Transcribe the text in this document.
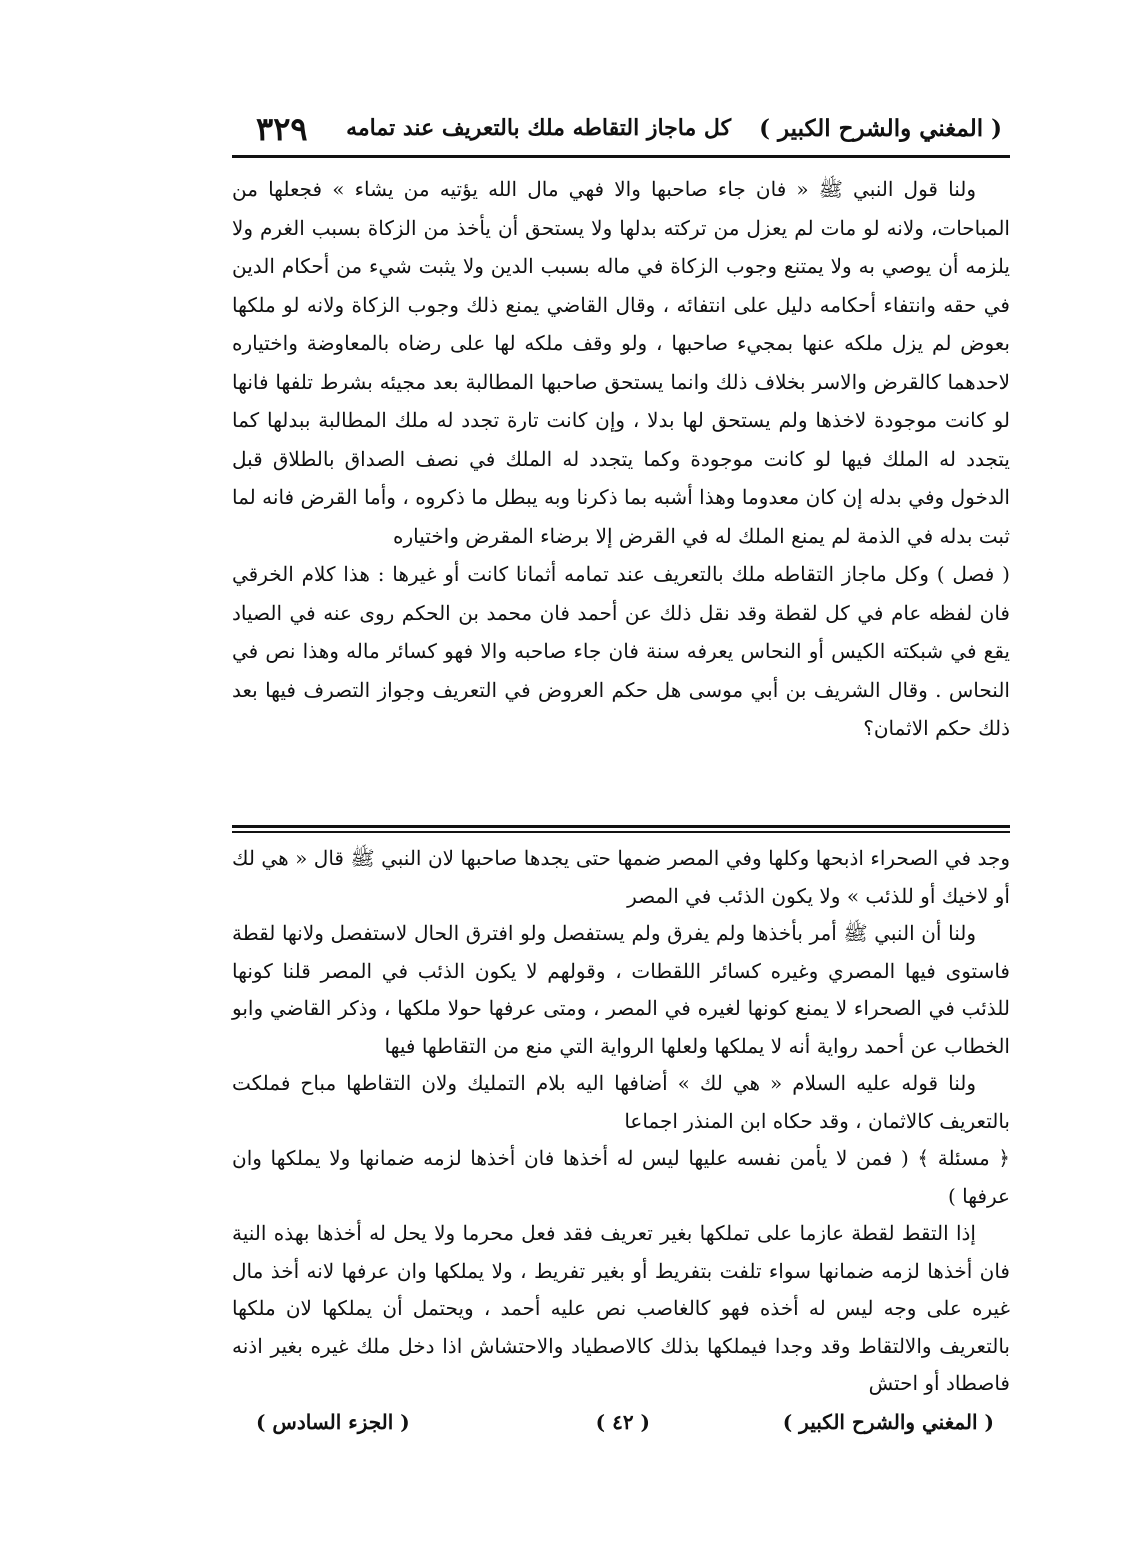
( المغني والشرح الكبير )
كل ماجاز التقاطه ملك بالتعريف عند تمامه
٣٢٩

ولنا قول النبي ﷺ « فان جاء صاحبها والا فهي مال الله يؤتيه من يشاء » فجعلها من المباحات، ولانه لو مات لم يعزل من تركته بدلها ولا يستحق أن يأخذ من الزكاة بسبب الغرم ولا يلزمه أن يوصي به ولا يمتنع وجوب الزكاة في ماله بسبب الدين ولا يثبت شيء من أحكام الدين في حقه وانتفاء أحكامه دليل على انتفائه ، وقال القاضي يمنع ذلك وجوب الزكاة ولانه لو ملكها بعوض لم يزل ملكه عنها بمجيء صاحبها ، ولو وقف ملكه لها على رضاه بالمعاوضة واختياره لاحدهما كالقرض والاسر بخلاف ذلك وانما يستحق صاحبها المطالبة بعد مجيئه بشرط تلفها فانها لو كانت موجودة لاخذها ولم يستحق لها بدلا ، وإن كانت تارة تجدد له ملك المطالبة ببدلها كما يتجدد له الملك فيها لو كانت موجودة وكما يتجدد له الملك في نصف الصداق بالطلاق قبل الدخول وفي بدله إن كان معدوما وهذا أشبه بما ذكرنا وبه يبطل ما ذكروه ، وأما القرض فانه لما ثبت بدله في الذمة لم يمنع الملك له في القرض إلا برضاء المقرض واختياره

( فصل ) وكل ماجاز التقاطه ملك بالتعريف عند تمامه أثمانا كانت أو غيرها : هذا كلام الخرقي فان لفظه عام في كل لقطة وقد نقل ذلك عن أحمد فان محمد بن الحكم روى عنه في الصياد يقع في شبكته الكيس أو النحاس يعرفه سنة فان جاء صاحبه والا فهو كسائر ماله وهذا نص في النحاس . وقال الشريف بن أبي موسى هل حكم العروض في التعريف وجواز التصرف فيها بعد ذلك حكم الاثمان؟

وجد في الصحراء اذبحها وكلها وفي المصر ضمها حتى يجدها صاحبها لان النبي ﷺ قال « هي لك أو لاخيك أو للذئب » ولا يكون الذئب في المصر

ولنا أن النبي ﷺ أمر بأخذها ولم يفرق ولم يستفصل ولو افترق الحال لاستفصل ولانها لقطة فاستوى فيها المصري وغيره كسائر اللقطات ، وقولهم لا يكون الذئب في المصر قلنا كونها للذئب في الصحراء لا يمنع كونها لغيره في المصر ، ومتى عرفها حولا ملكها ، وذكر القاضي وابو الخطاب عن أحمد رواية أنه لا يملكها ولعلها الرواية التي منع من التقاطها فيها

ولنا قوله عليه السلام « هي لك » أضافها اليه بلام التمليك ولان التقاطها مباح فملكت بالتعريف كالاثمان ، وقد حكاه ابن المنذر اجماعا

﴿ مسئلة ﴾ ( فمن لا يأمن نفسه عليها ليس له أخذها فان أخذها لزمه ضمانها ولا يملكها وان عرفها )

إذا التقط لقطة عازما على تملكها بغير تعريف فقد فعل محرما ولا يحل له أخذها بهذه النية فان أخذها لزمه ضمانها سواء تلفت بتفريط أو بغير تفريط ، ولا يملكها وان عرفها لانه أخذ مال غيره على وجه ليس له أخذه فهو كالغاصب نص عليه أحمد ، ويحتمل أن يملكها لان ملكها بالتعريف والالتقاط وقد وجدا فيملكها بذلك كالاصطياد والاحتشاش اذا دخل ملك غيره بغير اذنه فاصطاد أو احتش

( المغني والشرح الكبير )
( ٤٢ )
( الجزء السادس )
